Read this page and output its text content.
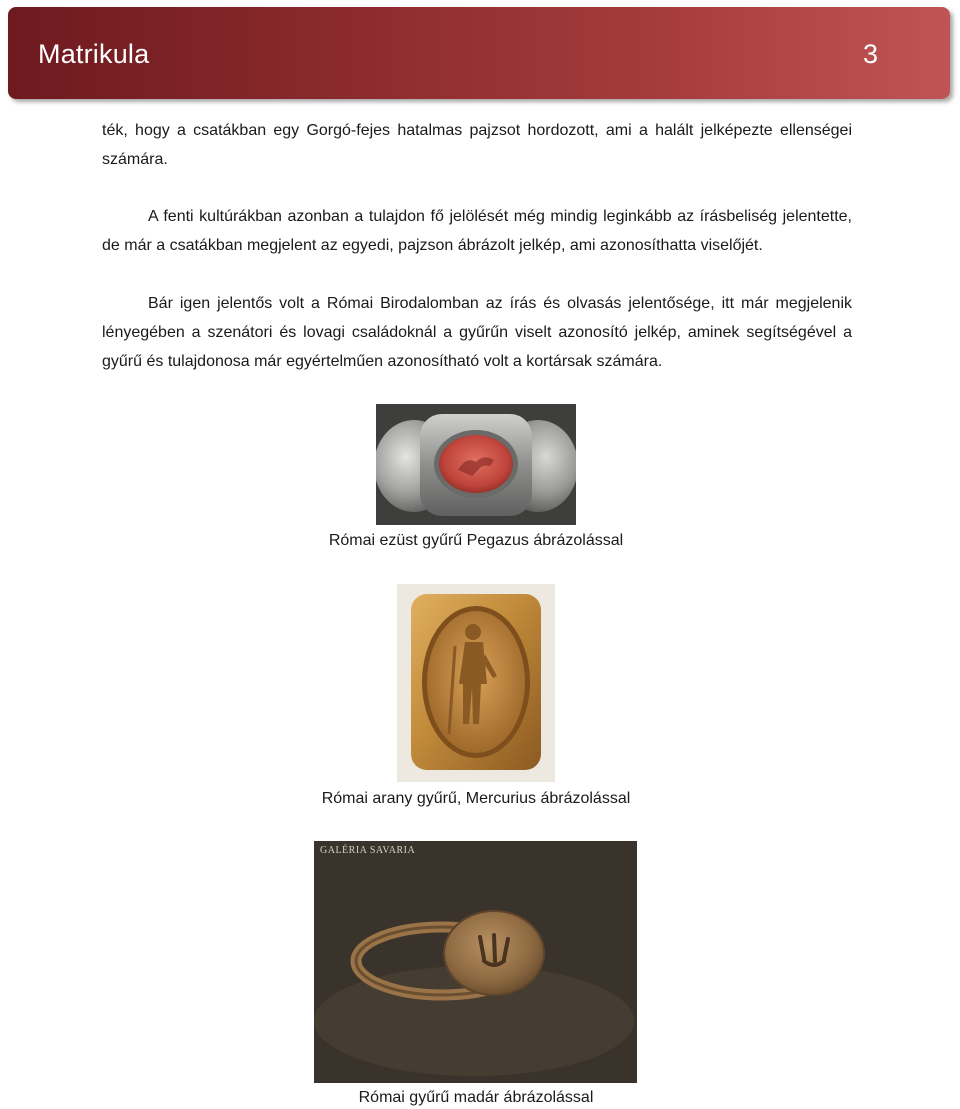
Matrikula	3
ték, hogy a csatákban egy Gorgó-fejes hatalmas pajzsot hordozott, ami a halált jelképezte ellenségei számára.
A fenti kultúrákban azonban a tulajdon fő jelölését még mindig leginkább az írásbeliség jelentette, de már a csatákban megjelent az egyedi, pajzson ábrázolt jelkép, ami azonosíthatta viselőjét.
Bár igen jelentős volt a Római Birodalomban az írás és olvasás jelentősége, itt már megjelenik lényegében a szenátori és lovagi családoknál a gyűrűn viselt azonosító jelkép, aminek segítségével a gyűrű és tulajdonosa már egyértelműen azonosítható volt a kortársak számára.
Római ezüst gyűrű Pegazus ábrázolással
Római arany gyűrű, Mercurius ábrázolással
GALÉRIA SAVARIA
Római gyűrű madár ábrázolással
